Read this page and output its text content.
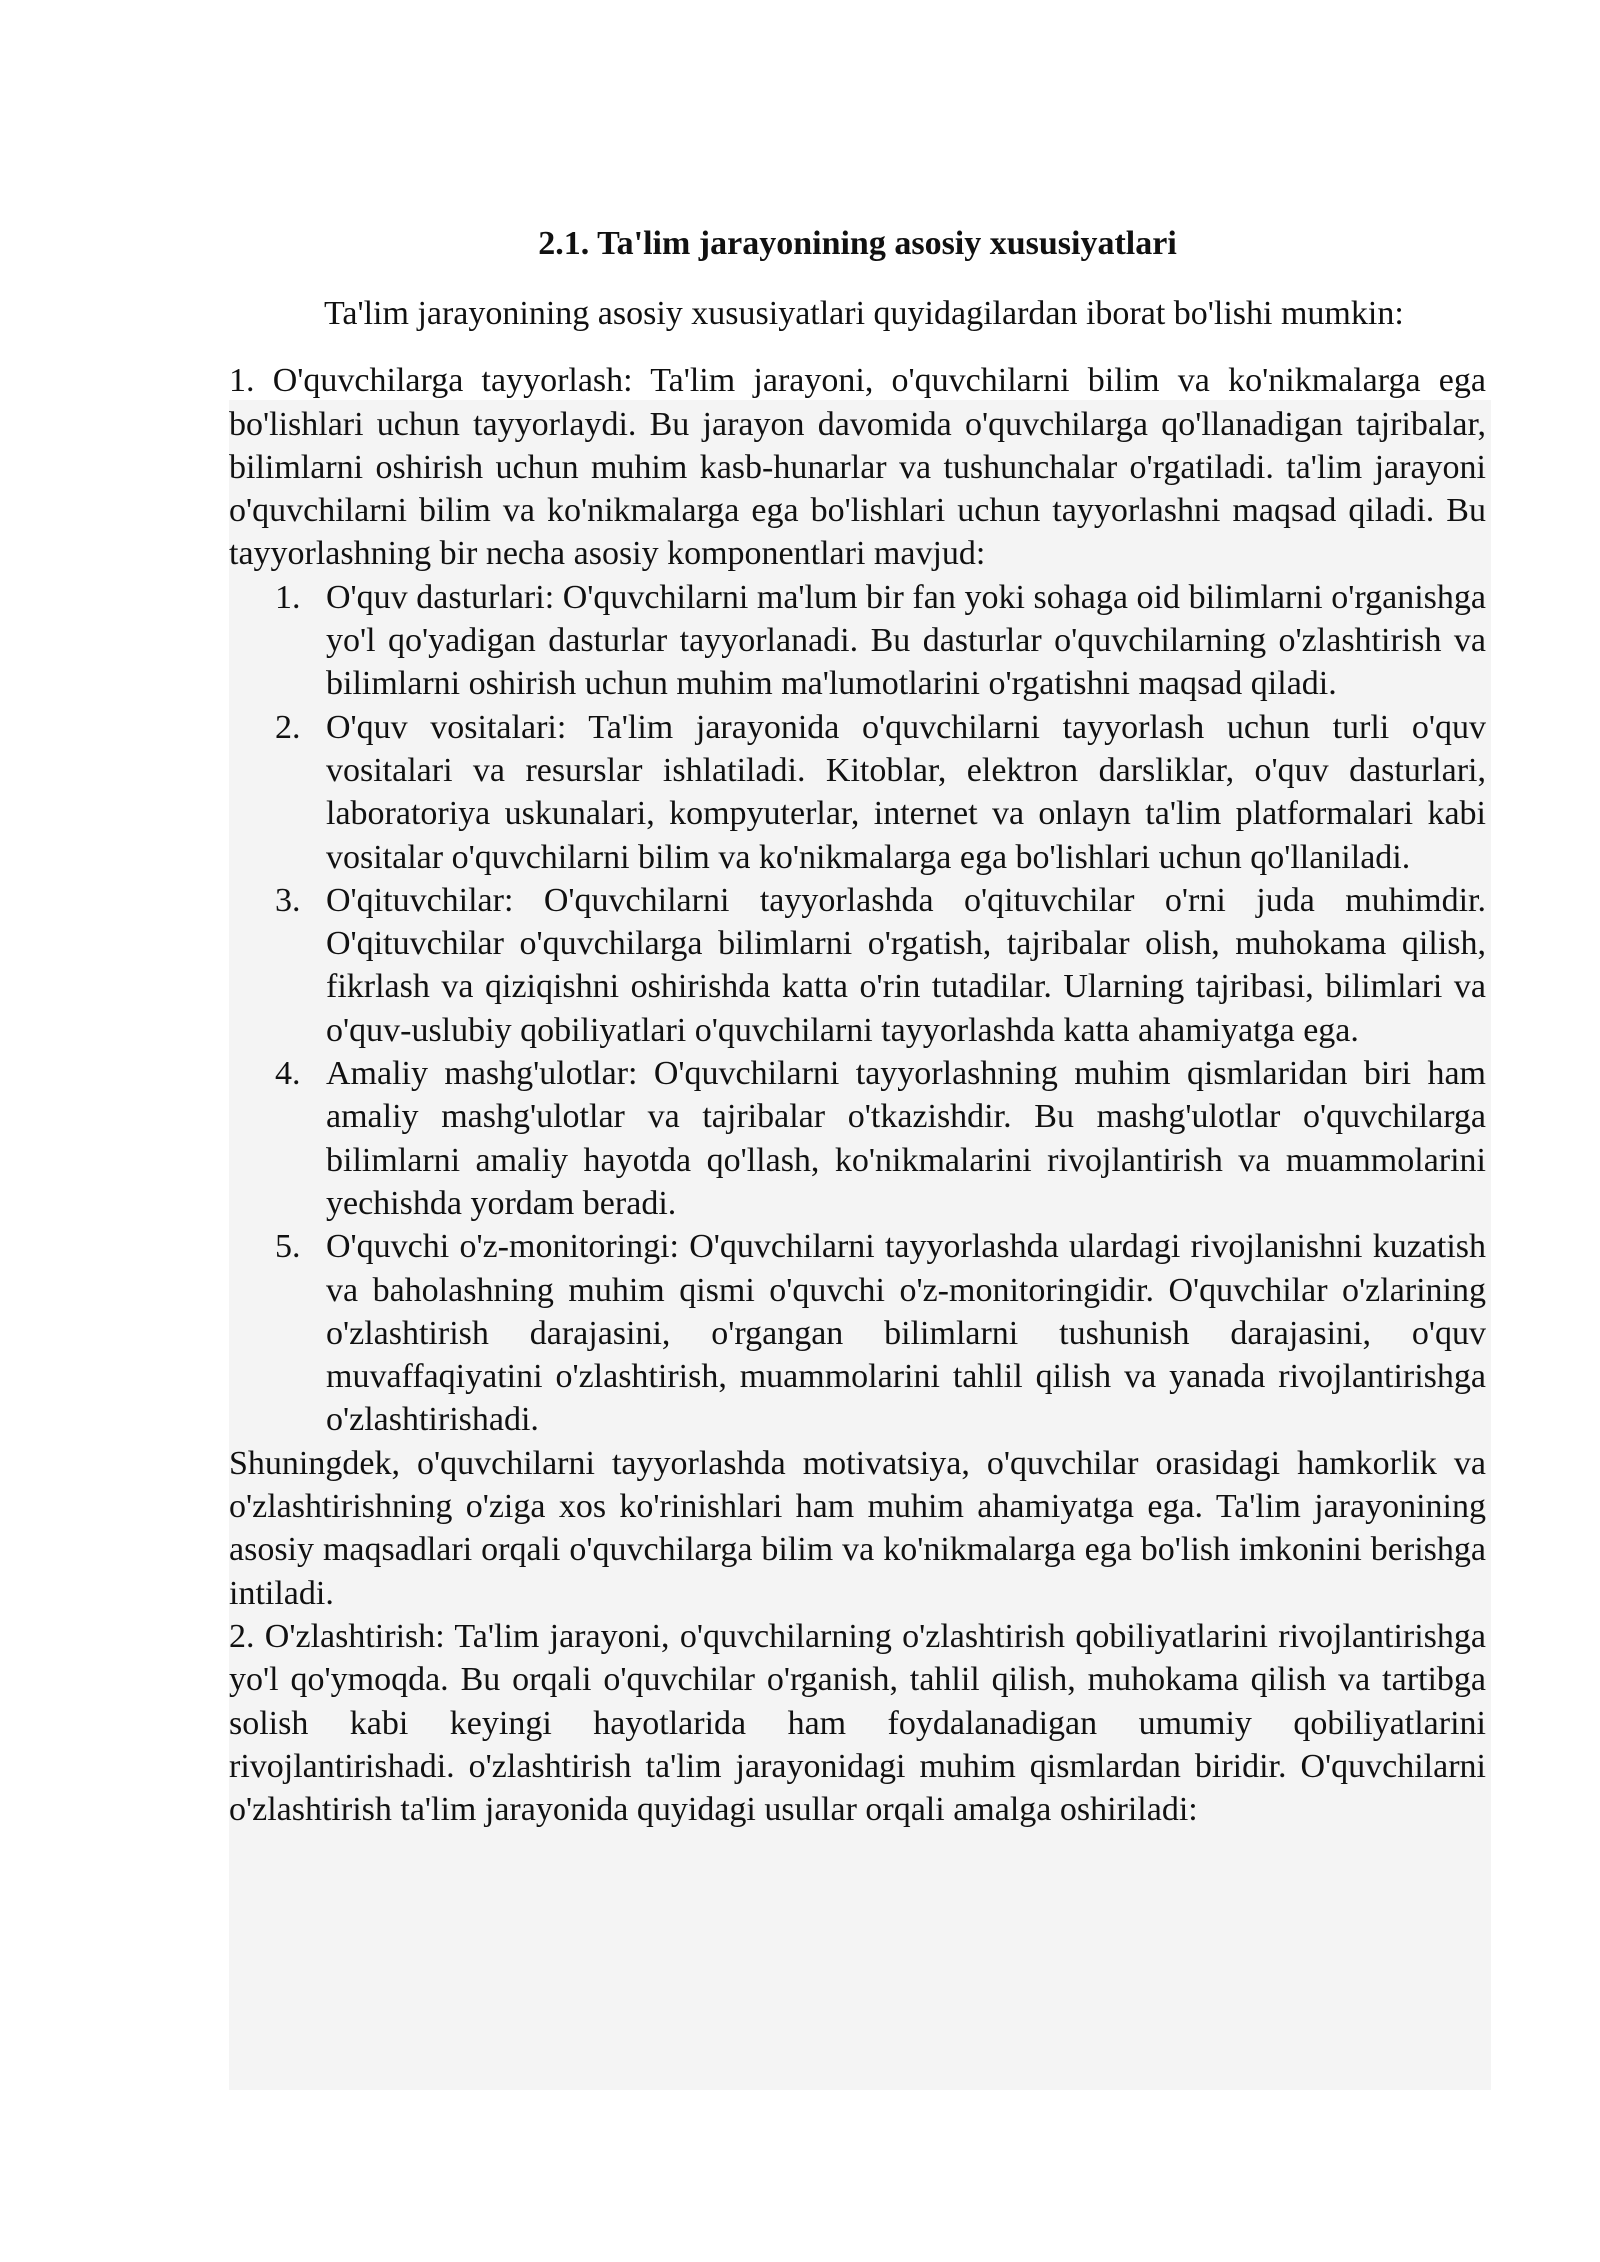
2.1. Ta'lim jarayonining asosiy xususiyatlari

Ta'lim jarayonining asosiy xususiyatlari quyidagilardan iborat bo'lishi mumkin:

1. O'quvchilarga tayyorlash: Ta'lim jarayoni, o'quvchilarni bilim va ko'nikmalarga ega bo'lishlari uchun tayyorlaydi. Bu jarayon davomida o'quvchilarga qo'llanadigan tajribalar, bilimlarni oshirish uchun muhim kasb-hunarlar va tushunchalar o'rgatiladi. ta'lim jarayoni o'quvchilarni bilim va ko'nikmalarga ega bo'lishlari uchun tayyorlashni maqsad qiladi. Bu tayyorlashning bir necha asosiy komponentlari mavjud:

1. O'quv dasturlari: O'quvchilarni ma'lum bir fan yoki sohaga oid bilimlarni o'rganishga yo'l qo'yadigan dasturlar tayyorlanadi. Bu dasturlar o'quvchilarning o'zlashtirish va bilimlarni oshirish uchun muhim ma'lumotlarini o'rgatishni maqsad qiladi.
2. O'quv vositalari: Ta'lim jarayonida o'quvchilarni tayyorlash uchun turli o'quv vositalari va resurslar ishlatiladi. Kitoblar, elektron darsliklar, o'quv dasturlari, laboratoriya uskunalari, kompyuterlar, internet va onlayn ta'lim platformalari kabi vositalar o'quvchilarni bilim va ko'nikmalarga ega bo'lishlari uchun qo'llaniladi.
3. O'qituvchilar: O'quvchilarni tayyorlashda o'qituvchilar o'rni juda muhimdir. O'qituvchilar o'quvchilarga bilimlarni o'rgatish, tajribalar olish, muhokama qilish, fikrlash va qiziqishni oshirishda katta o'rin tutadilar. Ularning tajribasi, bilimlari va o'quv-uslubiy qobiliyatlari o'quvchilarni tayyorlashda katta ahamiyatga ega.
4. Amaliy mashg'ulotlar: O'quvchilarni tayyorlashning muhim qismlaridan biri ham amaliy mashg'ulotlar va tajribalar o'tkazishdir. Bu mashg'ulotlar o'quvchilarga bilimlarni amaliy hayotda qo'llash, ko'nikmalarini rivojlantirish va muammolarini yechishda yordam beradi.
5. O'quvchi o'z-monitoringi: O'quvchilarni tayyorlashda ulardagi rivojlanishni kuzatish va baholashning muhim qismi o'quvchi o'z-monitoringidir. O'quvchilar o'zlarining o'zlashtirish darajasini, o'rgangan bilimlarni tushunish darajasini, o'quv muvaffaqiyatini o'zlashtirish, muammolarini tahlil qilish va yanada rivojlantirishga o'zlashtirishadi.

Shuningdek, o'quvchilarni tayyorlashda motivatsiya, o'quvchilar orasidagi hamkorlik va o'zlashtirishning o'ziga xos ko'rinishlari ham muhim ahamiyatga ega. Ta'lim jarayonining asosiy maqsadlari orqali o'quvchilarga bilim va ko'nikmalarga ega bo'lish imkonini berishga intiladi.

2. O'zlashtirish: Ta'lim jarayoni, o'quvchilarning o'zlashtirish qobiliyatlarini rivojlantirishga yo'l qo'ymoqda. Bu orqali o'quvchilar o'rganish, tahlil qilish, muhokama qilish va tartibga solish kabi keyingi hayotlarida ham foydalanadigan umumiy qobiliyatlarini rivojlantirishadi. o'zlashtirish ta'lim jarayonidagi muhim qismlardan biridir. O'quvchilarni o'zlashtirish ta'lim jarayonida quyidagi usullar orqali amalga oshiriladi:
